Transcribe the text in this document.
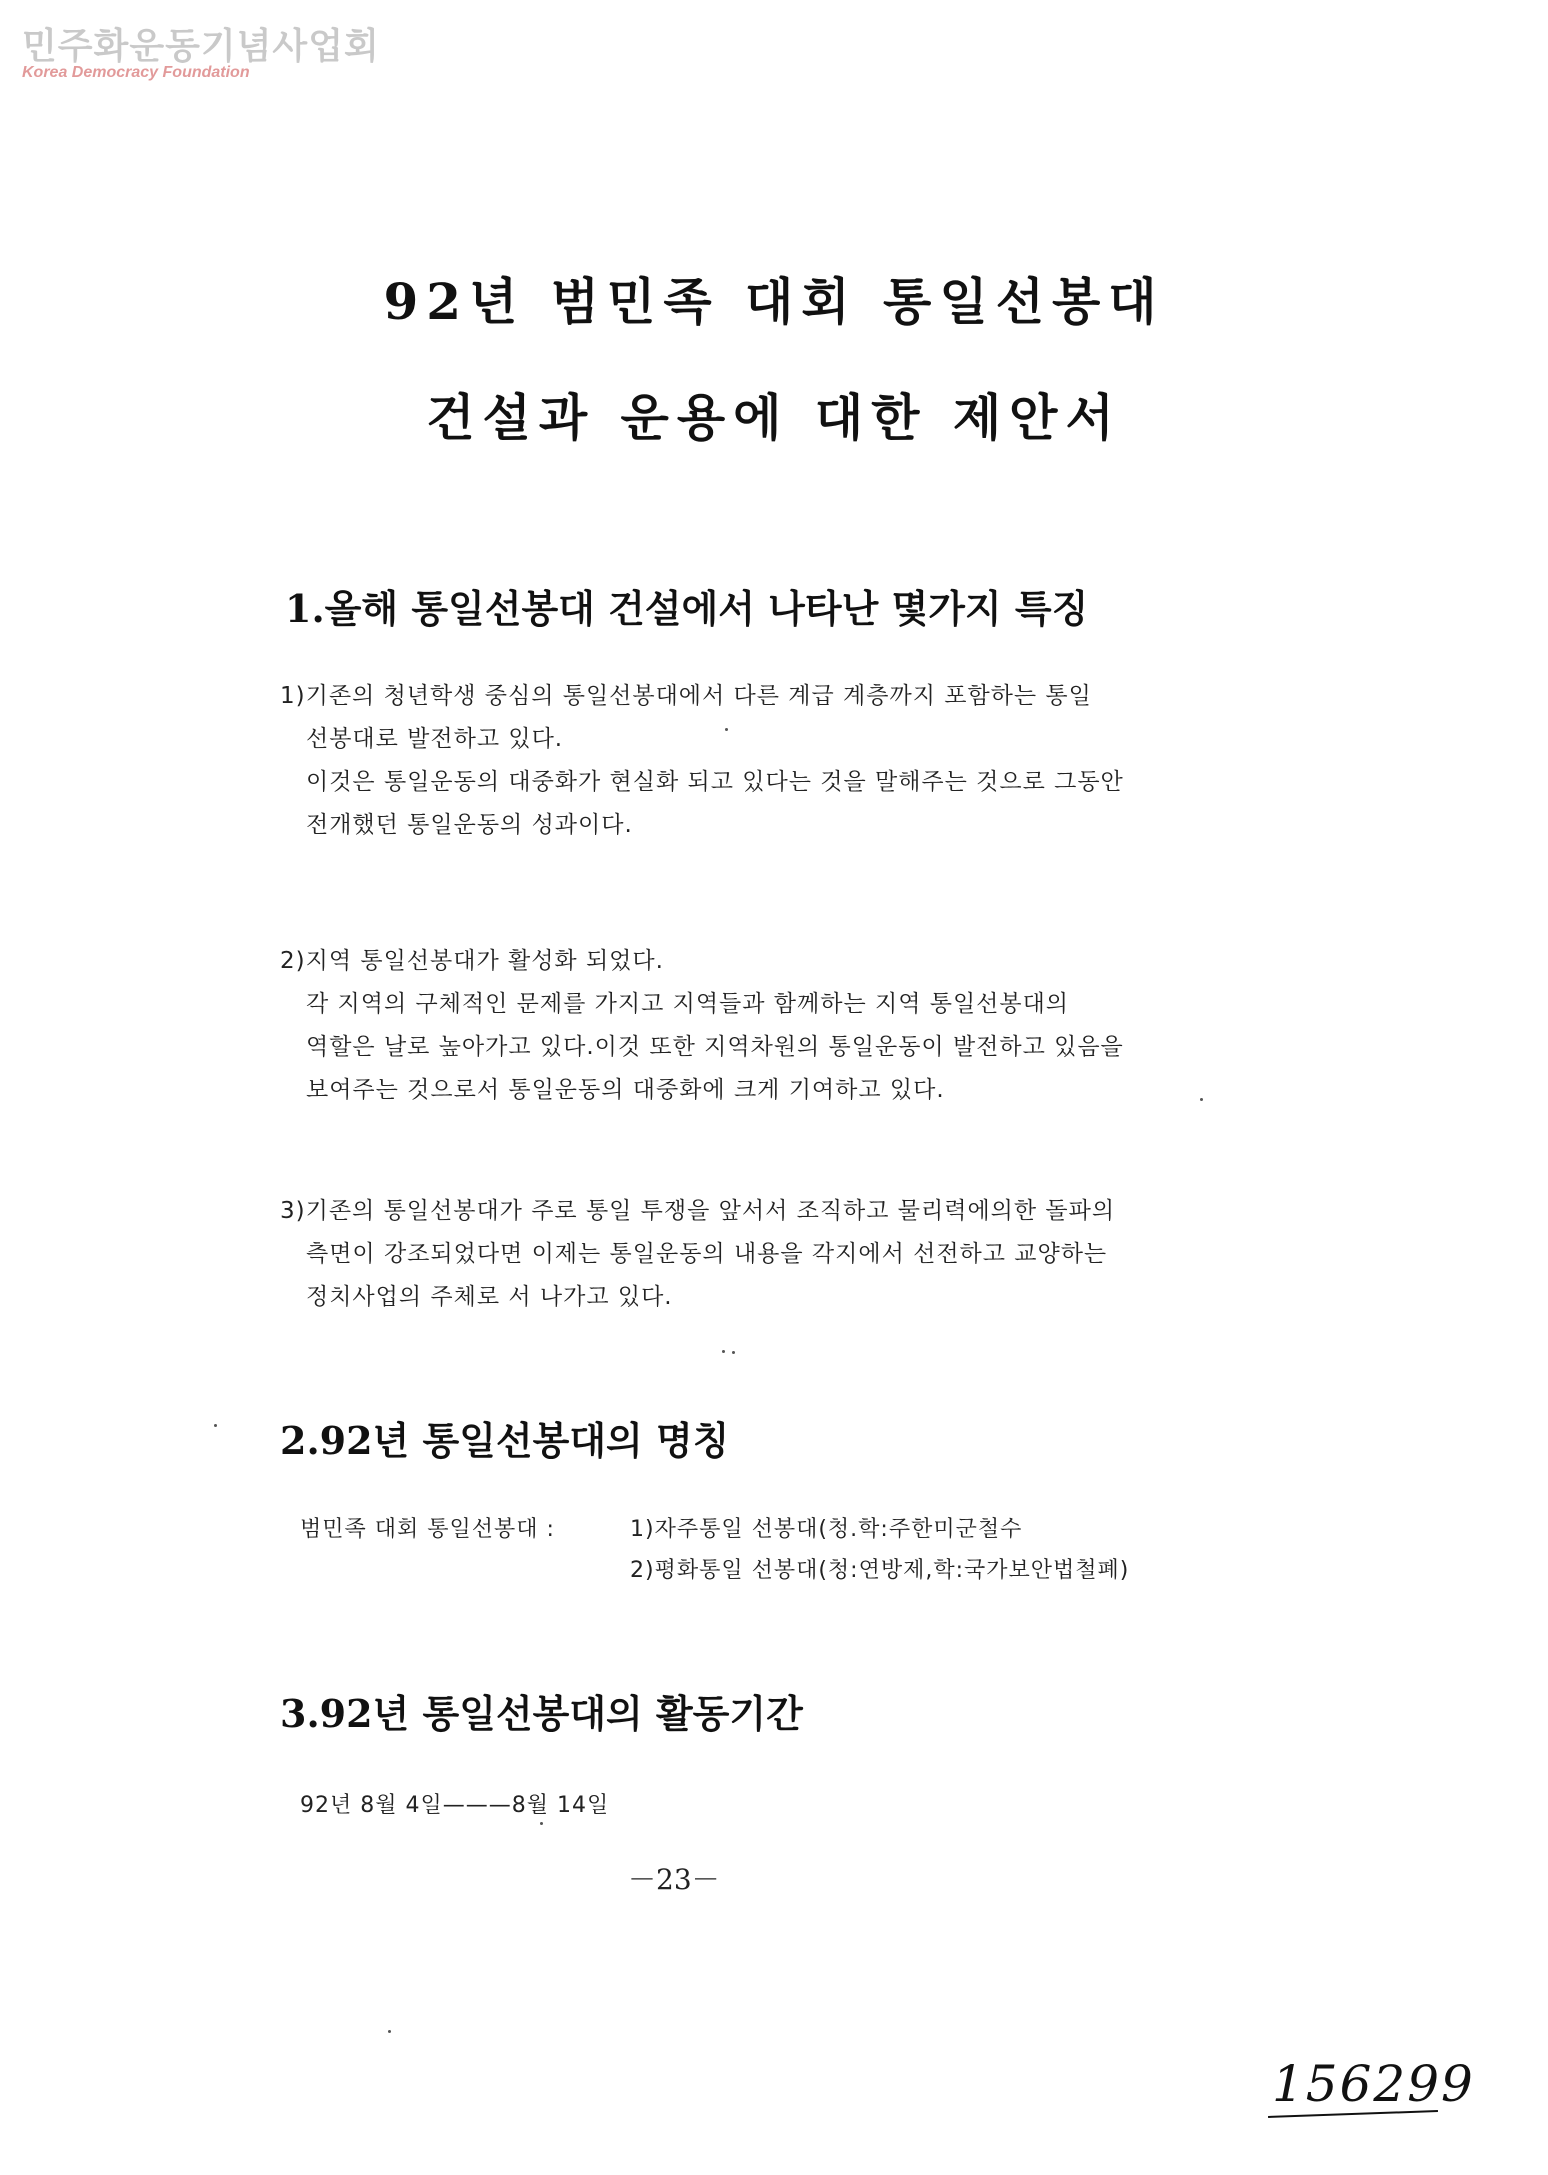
민주화운동기념사업회
Korea Democracy Foundation
92년 범민족 대회 통일선봉대
건설과 운용에 대한 제안서
1.올해 통일선봉대 건설에서 나타난 몇가지 특징
1)기존의 청년학생 중심의 통일선봉대에서 다른 계급 계층까지 포함하는 통일
선봉대로 발전하고 있다.
이것은 통일운동의 대중화가 현실화 되고 있다는 것을 말해주는 것으로 그동안
전개했던 통일운동의 성과이다.
2)지역 통일선봉대가 활성화 되었다.
각 지역의 구체적인 문제를 가지고 지역들과 함께하는 지역 통일선봉대의
역할은 날로 높아가고 있다.이것 또한 지역차원의 통일운동이 발전하고 있음을
보여주는 것으로서 통일운동의 대중화에 크게 기여하고 있다.
3)기존의 통일선봉대가 주로 통일 투쟁을 앞서서 조직하고 물리력에의한 돌파의
측면이 강조되었다면 이제는 통일운동의 내용을 각지에서 선전하고 교양하는
정치사업의 주체로 서 나가고 있다.
2.92년 통일선봉대의 명칭
범민족 대회 통일선봉대 :	1)자주통일 선봉대(청.학:주한미군철수
2)평화통일 선봉대(청:연방제,학:국가보안법철폐)
3.92년 통일선봉대의 활동기간
92년 8월 4일———8월 14일
－23－
156299
